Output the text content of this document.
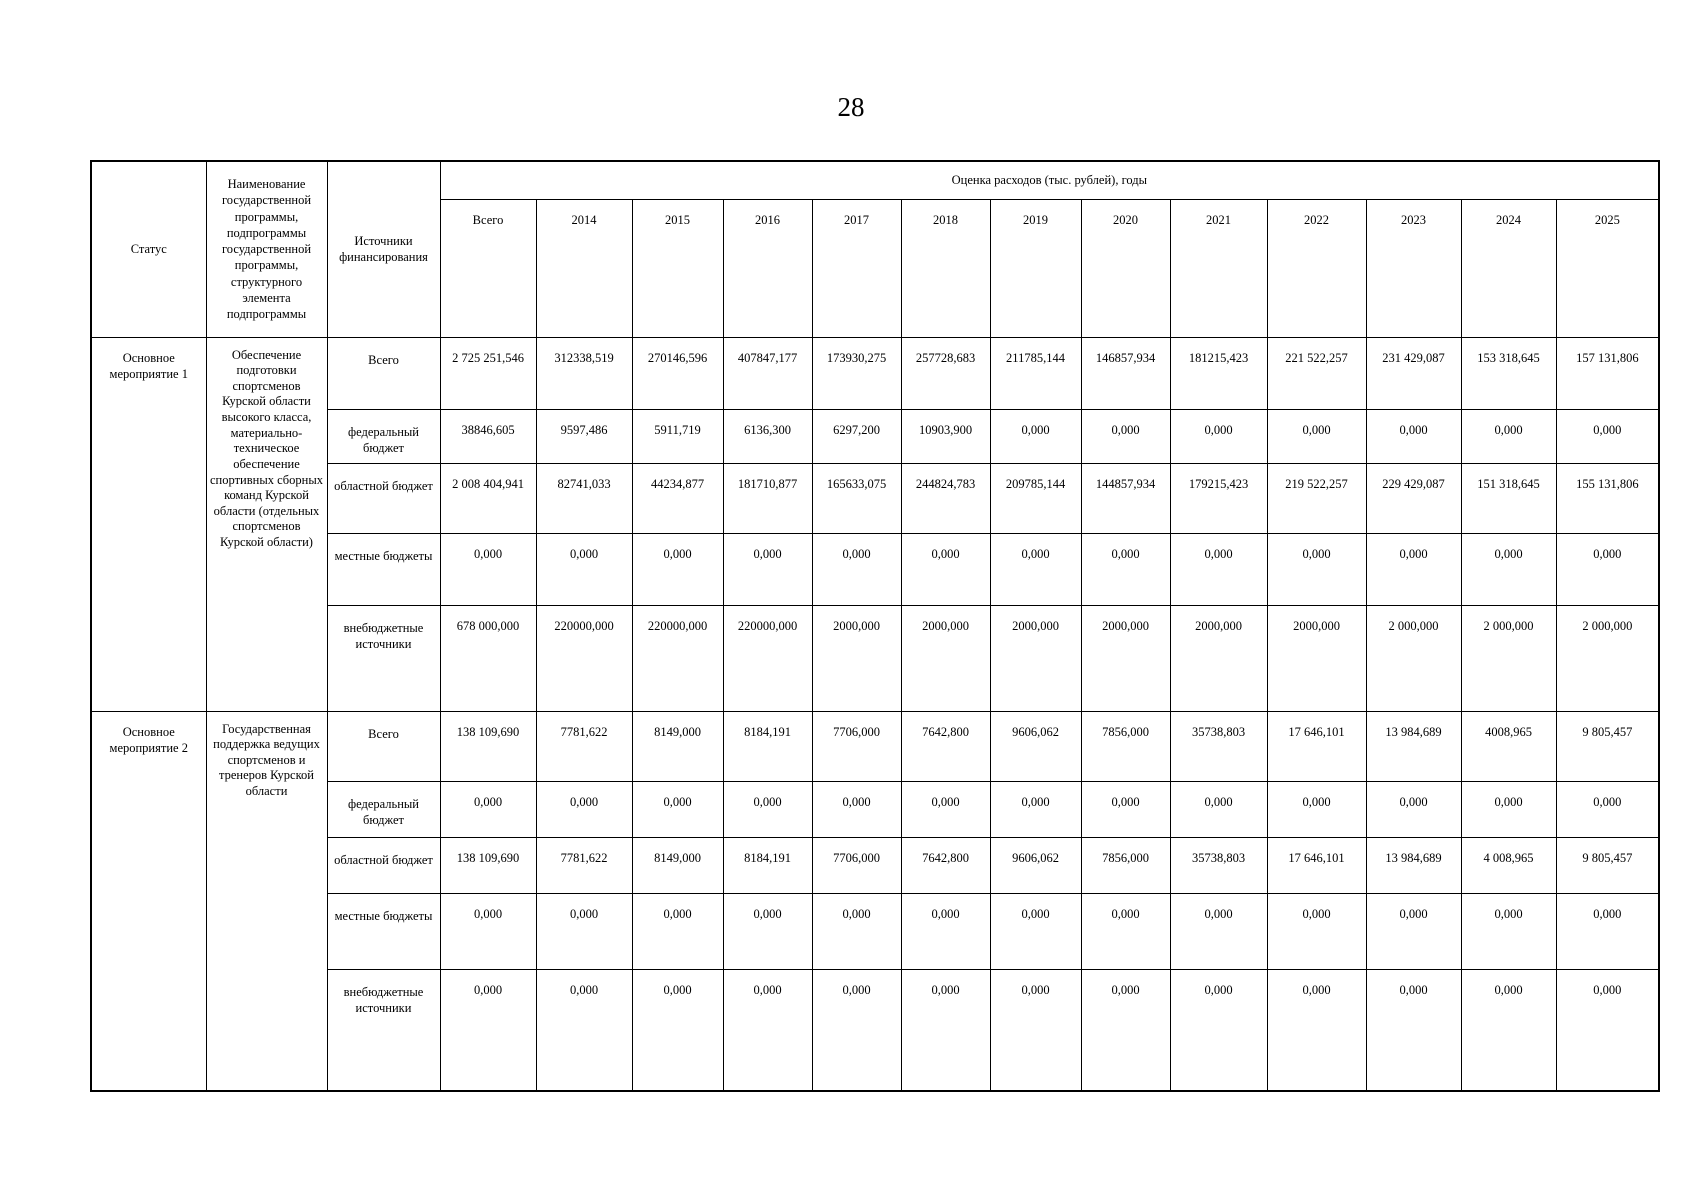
28
Статус	Наименование государственной программы, подпрограммы государственной программы, структурного элемента подпрограммы	Источники финансирования	Оценка расходов (тыс. рублей), годы												
			Всего	2014	2015	2016	2017	2018	2019	2020	2021	2022	2023	2024	2025
Основное мероприятие 1	Обеспечение подготовки спортсменов Курской области высокого класса, материально-техническое обеспечение спортивных сборных команд Курской области (отдельных спортсменов Курской области)	Всего	2 725 251,546	312338,519	270146,596	407847,177	173930,275	257728,683	211785,144	146857,934	181215,423	221 522,257	231 429,087	153 318,645	157 131,806
		федеральный бюджет	38846,605	9597,486	5911,719	6136,300	6297,200	10903,900	0,000	0,000	0,000	0,000	0,000	0,000	0,000
		областной бюджет	2 008 404,941	82741,033	44234,877	181710,877	165633,075	244824,783	209785,144	144857,934	179215,423	219 522,257	229 429,087	151 318,645	155 131,806
		местные бюджеты	0,000	0,000	0,000	0,000	0,000	0,000	0,000	0,000	0,000	0,000	0,000	0,000	0,000
		внебюджетные источники	678 000,000	220000,000	220000,000	220000,000	2000,000	2000,000	2000,000	2000,000	2000,000	2000,000	2 000,000	2 000,000	2 000,000
Основное мероприятие 2	Государственная поддержка ведущих спортсменов и тренеров Курской области	Всего	138 109,690	7781,622	8149,000	8184,191	7706,000	7642,800	9606,062	7856,000	35738,803	17 646,101	13 984,689	4008,965	9 805,457
		федеральный бюджет	0,000	0,000	0,000	0,000	0,000	0,000	0,000	0,000	0,000	0,000	0,000	0,000	0,000
		областной бюджет	138 109,690	7781,622	8149,000	8184,191	7706,000	7642,800	9606,062	7856,000	35738,803	17 646,101	13 984,689	4 008,965	9 805,457
		местные бюджеты	0,000	0,000	0,000	0,000	0,000	0,000	0,000	0,000	0,000	0,000	0,000	0,000	0,000
		внебюджетные источники	0,000	0,000	0,000	0,000	0,000	0,000	0,000	0,000	0,000	0,000	0,000	0,000	0,000
